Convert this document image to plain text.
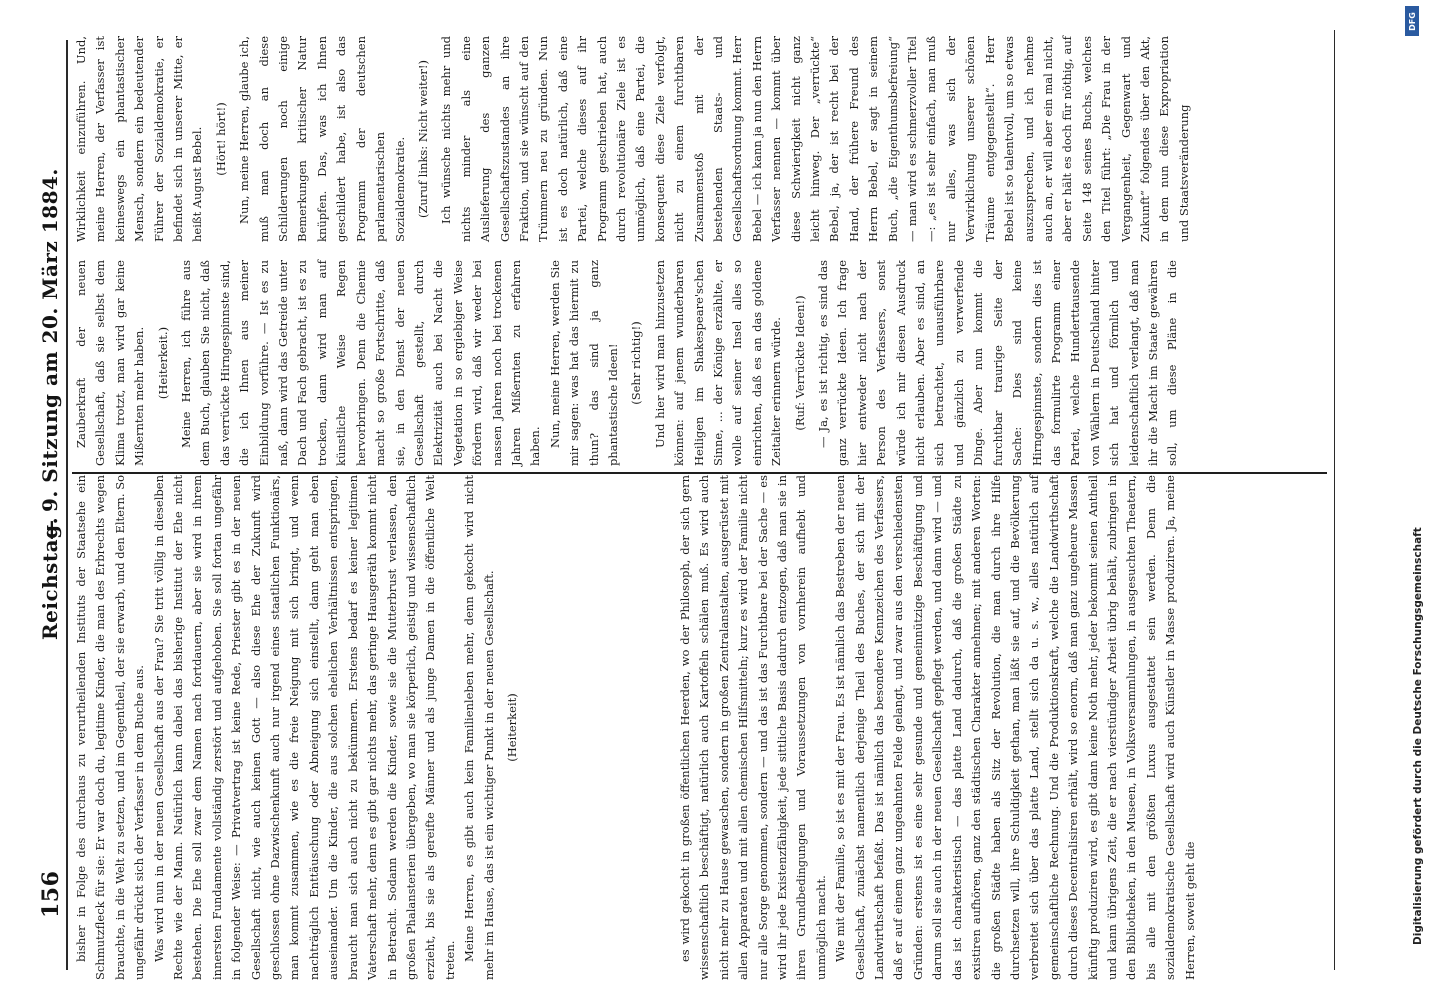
156
Reichstag.
— 9. Sitzung am 20. März 1884.

bisher in Folge des durchaus zu verurtheilenden Instituts der Staatsehe ein Schmutzfleck für sie: Er war doch du, legitime Kinder, die man des Erbrechts wegen brauchte, in die Welt zu setzen, und im Gegentheil, der sie erwarb, und den Eltern. So ungefähr drückt sich der Verfasser in dem Buche aus. Was wird nun in der neuen Gesellschaft aus der Frau? Sie tritt völlig in dieselben Rechte wie der Mann. Natürlich kann dabei das bisherige Institut der Ehe nicht bestehen. Die Ehe soll zwar dem Namen nach fortdauern, aber sie wird in ihrem innersten Fundamente vollständig zerstört und aufgehoben. Sie soll fortan ungefähr in folgender Weise: — Privatvertrag ist keine Rede, Priester gibt es in der neuen Gesellschaft nicht, wie auch keinen Gott — also diese Ehe der Zukunft wird geschlossen ohne Dazwischenkunft auch nur irgend eines staatlichen Funktionärs, man kommt zusammen, wie es die freie Neigung mit sich bringt, und wenn nachträglich Enttäuschung oder Abneigung sich einstellt, dann geht man eben auseinander. Um die Kinder, die aus solchen ehelichen Verhältnissen entspringen, braucht man sich auch nicht zu bekümmern. Erstens bedarf es keiner legitimen Vaterschaft mehr, denn es gibt gar nichts mehr, das geringe Hausgeräth kommt nicht in Betracht. Sodann werden die Kinder, sowie sie die Mutterbrust verlassen, den großen Phalansterien übergeben, wo man sie körperlich, geistig und wissenschaftlich erzieht, bis sie als gereifte Männer und als junge Damen in die öffentliche Welt treten. Meine Herren, es gibt auch kein Familienleben mehr, denn gekocht wird nicht mehr im Hause, das ist ein wichtiger Punkt in der neuen Gesellschaft. (Heiterkeit)	es wird gekocht in großen öffentlichen Heerden, wo der Philosoph, der sich gern wissenschaftlich beschäftigt, natürlich auch Kartoffeln schälen muß. Es wird auch nicht mehr zu Hause gewaschen, sondern in großen Zentralanstalten, ausgerüstet mit allen Apparaten und mit allen chemischen Hilfsmitteln; kurz es wird der Familie nicht nur alle Sorge genommen, sondern — und das ist das Furchtbare bei der Sache — es wird ihr jede Existenzfähigkeit, jede sittliche Basis dadurch entzogen, daß man sie in ihren Grundbedingungen und Voraussetzungen von vornherein aufhebt und unmöglich macht. Wie mit der Familie, so ist es mit der Frau. Es ist nämlich das Bestreben der neuen Gesellschaft, zunächst namentlich derjenige Theil des Buches, der sich mit der Landwirthschaft befaßt. Das ist nämlich das besondere Kennzeichen des Verfassers, daß er auf einem ganz ungeahnten Felde gelangt, und zwar aus den verschiedensten Gründen: erstens ist es eine sehr gesunde und gemeinnützige Beschäftigung und darum soll sie auch in der neuen Gesellschaft gepflegt werden, und dann wird — und das ist charakteristisch — das platte Land dadurch, daß die großen Städte zu existiren aufhören, ganz den städtischen Charakter annehmen; mit anderen Worten: die großen Städte haben als Sitz der Revolution, die man durch ihre Hilfe durchsetzen will, ihre Schuldigkeit gethan, man läßt sie auf, und die Bevölkerung verbreitet sich über das platte Land, stellt sich da u. s. w., alles natürlich auf gemeinschaftliche Rechnung. Und die Produktionskraft, welche die Landwirthschaft durch dieses Decentralisiren erhält, wird so enorm, daß man ganz ungeheure Massen künftig produziren wird, es gibt dann keine Noth mehr, jeder bekommt seinen Antheil und kann übrigens Zeit, die er nach vierstündiger Arbeit übrig behält, zubringen in den Bibliotheken, in den Museen, in Volksversammlungen, in ausgesuchten Theatern, bis alle mit den größten Luxus ausgestattet sein werden. Denn die sozialdemokratische Gesellschaft wird auch Künstler in Masse produziren. Ja, meine Herren, soweit geht die

Zauberkraft der neuen Gesellschaft, daß sie selbst dem Klima trotzt, man wird gar keine Mißernten mehr haben. (Heiterkeit.) Meine Herren, ich führe aus dem Buch, glauben Sie nicht, daß das verrückte Hirngespinnste sind, die ich Ihnen aus meiner Einbildung vorführe. — Ist es zu naß, dann wird das Getreide unter Dach und Fach gebracht, ist es zu trocken, dann wird man auf künstliche Weise Regen hervorbringen. Denn die Chemie macht so große Fortschritte, daß sie, in den Dienst der neuen Gesellschaft gestellt, durch Elektrizität auch bei Nacht die Vegetation in so ergiebiger Weise fördern wird, daß wir weder bei nassen Jahren noch bei trockenen Jahren Mißernten zu erfahren haben. Nun, meine Herren, werden Sie mir sagen: was hat das hiermit zu thun? das sind ja ganz phantastische Ideen! (Sehr richtig!) Und hier wird man hinzusetzen können: auf jenem wunderbaren Heiligen im Shakespeare'schen Sinne, ... der Könige erzählte, er wolle auf seiner Insel alles so einrichten, daß es an das goldene Zeitalter erinnern würde. (Ruf: Verrückte Ideen!) — Ja, es ist richtig, es sind das ganz verrückte Ideen. Ich frage hier entweder nicht nach der Person des Verfassers, sonst würde ich mir diesen Ausdruck nicht erlauben. Aber es sind, an sich betrachtet, unausführbare und gänzlich zu verwerfende Dinge. Aber nun kommt die furchtbar traurige Seite der Sache: Dies sind keine Hirngespinnste, sondern dies ist das formulirte Programm einer Partei, welche Hunderttausende von Wählern in Deutschland hinter sich hat und förmlich und leidenschaftlich verlangt, daß man ihr die Macht im Staate gewähren soll, um diese Pläne in die Wirklichkeit einzuführen. Und, meine Herren, der Verfasser ist keineswegs ein phantastischer Mensch, sondern ein bedeutender Führer der Sozialdemokratie, er befindet sich in unserer Mitte, er heißt August Bebel. (Hört! hört!) Nun, meine Herren, glaube ich, muß man doch an diese Schilderungen noch einige Bemerkungen kritischer Natur knüpfen. Das, was ich Ihnen geschildert habe, ist also das Programm der deutschen parlamentarischen Sozialdemokratie. (Zuruf links: Nicht weiter!) Ich wünsche nichts mehr und nichts minder als eine Auslieferung des ganzen Gesellschaftszustandes an ihre Fraktion, und sie wünscht auf den Trümmern neu zu gründen. Nun ist es doch natürlich, daß eine Partei, welche dieses auf ihr Programm geschrieben hat, auch durch revolutionäre Ziele ist es unmöglich, daß eine Partei, die konsequent diese Ziele verfolgt, nicht zu einem furchtbaren Zusammenstoß mit der bestehenden Staats- und Gesellschaftsordnung kommt. Herr Bebel — ich kann ja nun den Herrn Verfasser nennen — kommt über diese Schwierigkeit nicht ganz leicht hinweg. Der „verrückte“ Bebel, ja, der ist recht bei der Hand, der frühere Freund des Herrn Bebel, er sagt in seinem Buch, „die Eigenthumsbefreiung“ — man wird es schmerzvoller Titel —: „es ist sehr einfach, man muß nur alles, was sich der Verwirklichung unserer schönen Träume entgegenstellt“. Herr Bebel ist so talentvoll, um so etwas auszusprechen, und ich nehme auch an, er will aber ein mal nicht, aber er hält es doch für nöthig, auf Seite 148 seines Buchs, welches den Titel führt: „Die Frau in der Vergangenheit, Gegenwart und Zukunft“ folgendes über den Akt, in dem nun diese Expropriation und Staatsveränderung

Digitalisierung gefördert durch die Deutsche Forschungsgemeinschaft
DFG
